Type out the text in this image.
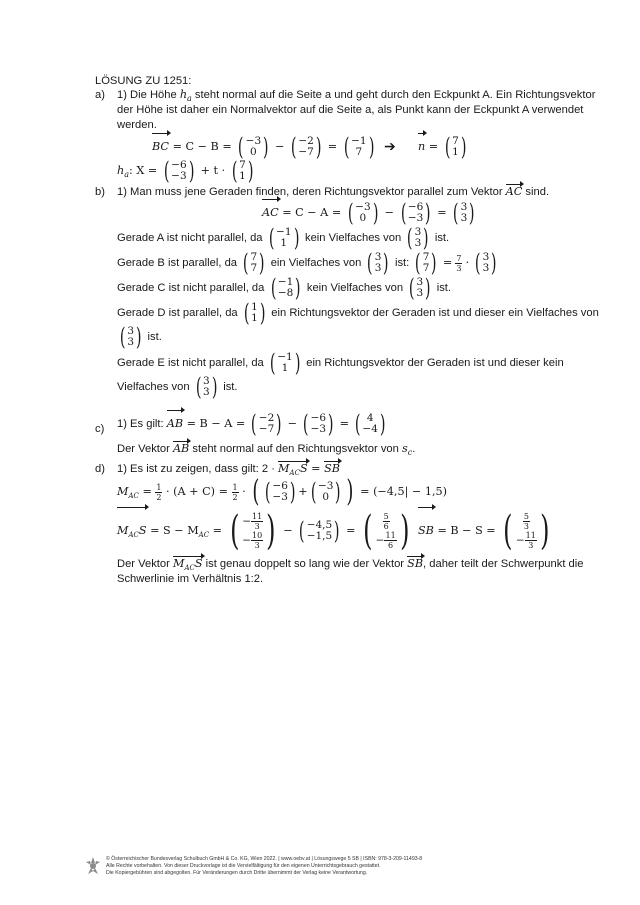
LÖSUNG ZU 1251:
a) 1) Die Höhe $h_a$ steht normal auf die Seite a und geht durch den Eckpunkt A. Ein Richtungsvektor
der Höhe ist daher ein Normalvektor auf die Seite a, als Punkt kann der Eckpunkt A verwendet
werden.
BC = C − B = ( −3
0 ) − ( −2
−7 ) = ( −1
7 ) ➔ n = ( 7
1 )
$h_a$: X = ( −6
−3 ) + t · ( 7
1 )
b) 1) Man muss jene Geraden finden, deren Richtungsvektor parallel zum Vektor AC sind.
AC = C − A = ( −3
0 ) − ( −6
−3 ) = ( 3
3 )
Gerade A ist nicht parallel, da ( −1
1 ) kein Vielfaches von ( 3
3 ) ist.
Gerade B ist parallel, da ( 7
7 ) ein Vielfaches von ( 3
3 ) ist: ( 7
7 ) = $\frac{7}{3}$ · ( 3
3 )
Gerade C ist nicht parallel, da ( −1
−8 ) kein Vielfaches von ( 3
3 ) ist.
Gerade D ist parallel, da ( 1
1 ) ein Richtungsvektor der Geraden ist und dieser ein Vielfaches von
( 3
3 ) ist.
Gerade E ist nicht parallel, da ( −1
1 ) ein Richtungsvektor der Geraden ist und dieser kein
Vielfaches von ( 3
3 ) ist.
c) 1) Es gilt: AB = B − A = ( −2
−7 ) − ( −6
−3 ) = ( 4
−4 )
Der Vektor AB steht normal auf den Richtungsvektor von $s_c$.
d) 1) Es ist zu zeigen, dass gilt: $2 \cdot M_{AC}S$ = SB
$M_{AC} = \frac{1}{2} \cdot (A + C) = \frac{1}{2}$ · ( ( −6
−3 ) + ( −3
0 ) ) = (−4,5| − 1,5)
$M_{AC}S = S - M_{AC}$ = ( − $\frac{11}{3}$
− $\frac{10}{3}$ ) − ( −4,5
−1,5 ) = ( $\frac{5}{6}$
− $\frac{11}{6}$ ) SB = B − S = ( $\frac{5}{3}$
− $\frac{11}{3}$ )
Der Vektor $M_{AC}S$ ist genau doppelt so lang wie der Vektor SB, daher teilt der Schwerpunkt die
Schwerlinie im Verhältnis 1:2.
© Österreichischer Bundesverlag Schulbuch GmbH & Co. KG, Wien 2022. | www.oebv.at | Lösungswege 5 SB | ISBN: 978-3-209-11493-8
Alle Rechte vorbehalten. Von dieser Druckvorlage ist die Vervielfältigung für den eigenen Unterrichtsgebrauch gestattet.
Die Kopiergebühren sind abgegolten. Für Veränderungen durch Dritte übernimmt der Verlag keine Verantwortung.
